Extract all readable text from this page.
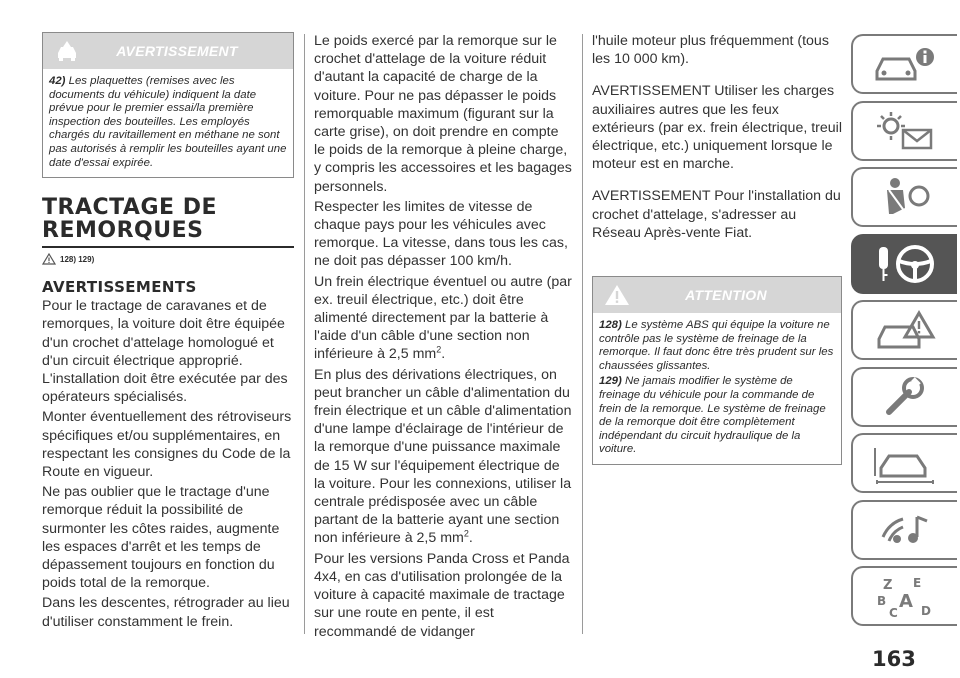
AVERTISSEMENT

42) Les plaquettes (remises avec les documents du véhicule) indiquent la date prévue pour le premier essai/la première inspection des bouteilles. Les employés chargés du ravitaillement en méthane ne sont pas autorisés à remplir les bouteilles ayant une date d'essai expirée.

TRACTAGE DE
REMORQUES
128) 129)
AVERTISSEMENTS

Pour le tractage de caravanes et de remorques, la voiture doit être équipée d'un crochet d'attelage homologué et d'un circuit électrique approprié. L'installation doit être exécutée par des opérateurs spécialisés.

Monter éventuellement des rétroviseurs spécifiques et/ou supplémentaires, en respectant les consignes du Code de la Route en vigueur.

Ne pas oublier que le tractage d'une remorque réduit la possibilité de surmonter les côtes raides, augmente les espaces d'arrêt et les temps de dépassement toujours en fonction du poids total de la remorque.

Dans les descentes, rétrograder au lieu d'utiliser constamment le frein.

Le poids exercé par la remorque sur le crochet d'attelage de la voiture réduit d'autant la capacité de charge de la voiture. Pour ne pas dépasser le poids remorquable maximum (figurant sur la carte grise), on doit prendre en compte le poids de la remorque à pleine charge, y compris les accessoires et les bagages personnels.

Respecter les limites de vitesse de chaque pays pour les véhicules avec remorque. La vitesse, dans tous les cas, ne doit pas dépasser 100 km/h.

Un frein électrique éventuel ou autre (par ex. treuil électrique, etc.) doit être alimenté directement par la batterie à l'aide d'un câble d'une section non inférieure à 2,5 $mm^2$.

En plus des dérivations électriques, on peut brancher un câble d'alimentation du frein électrique et un câble d'alimentation d'une lampe d'éclairage de l'intérieur de la remorque d'une puissance maximale de 15 W sur l'équipement électrique de la voiture. Pour les connexions, utiliser la centrale prédisposée avec un câble partant de la batterie ayant une section non inférieure à 2,5 $mm^2$.

Pour les versions Panda Cross et Panda 4x4, en cas d'utilisation prolongée de la voiture à capacité maximale de tractage sur une route en pente, il est recommandé de vidanger

l'huile moteur plus fréquemment (tous les 10 000 km).

AVERTISSEMENT Utiliser les charges auxiliaires autres que les feux extérieurs (par ex. frein électrique, treuil électrique, etc.) uniquement lorsque le moteur est en marche.

AVERTISSEMENT Pour l'installation du crochet d'attelage, s'adresser au Réseau Après-vente Fiat.

ATTENTION

128) Le système ABS qui équipe la voiture ne contrôle pas le système de freinage de la remorque. Il faut donc être très prudent sur les chaussées glissantes.

129) Ne jamais modifier le système de freinage du véhicule pour la commande de frein de la remorque. Le système de freinage de la remorque doit être complètement indépendant du circuit hydraulique de la voiture.

Z E
B A
C D
163
